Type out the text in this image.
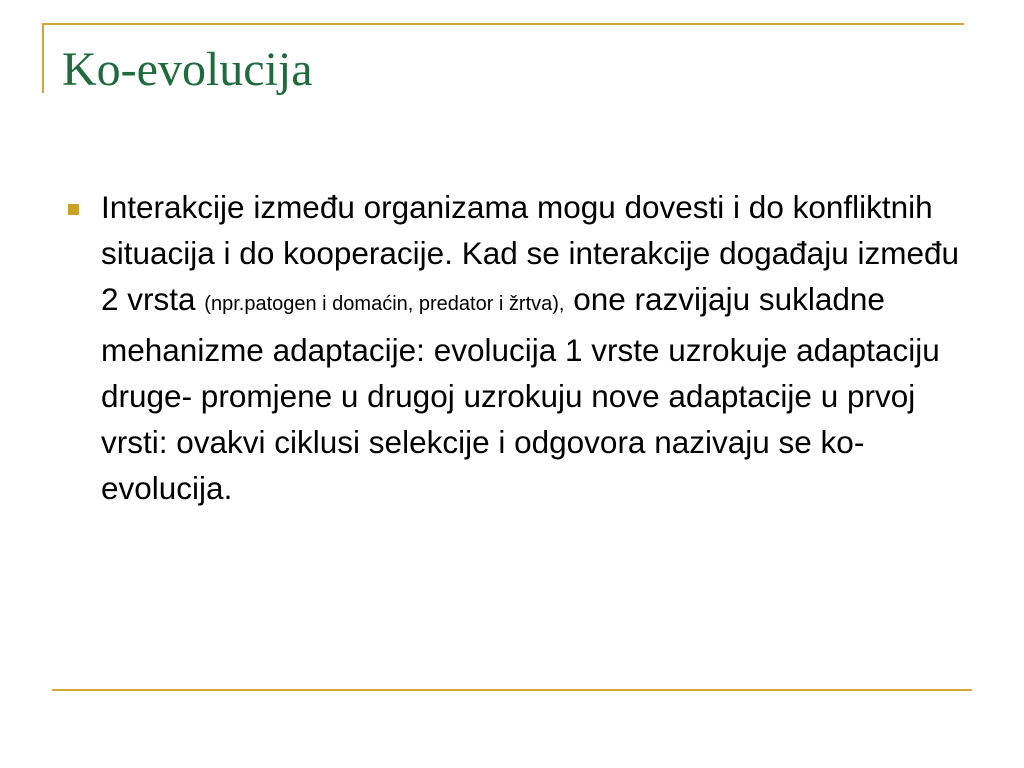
Ko-evolucija
Interakcije između organizama mogu dovesti i do konfliktnih situacija i do kooperacije. Kad se interakcije događaju između 2 vrsta (npr.patogen i domaćin, predator i žrtva), one razvijaju sukladne mehanizme adaptacije: evolucija 1 vrste uzrokuje adaptaciju druge- promjene u drugoj uzrokuju nove adaptacije u prvoj vrsti: ovakvi ciklusi selekcije i odgovora nazivaju se ko-evolucija.
